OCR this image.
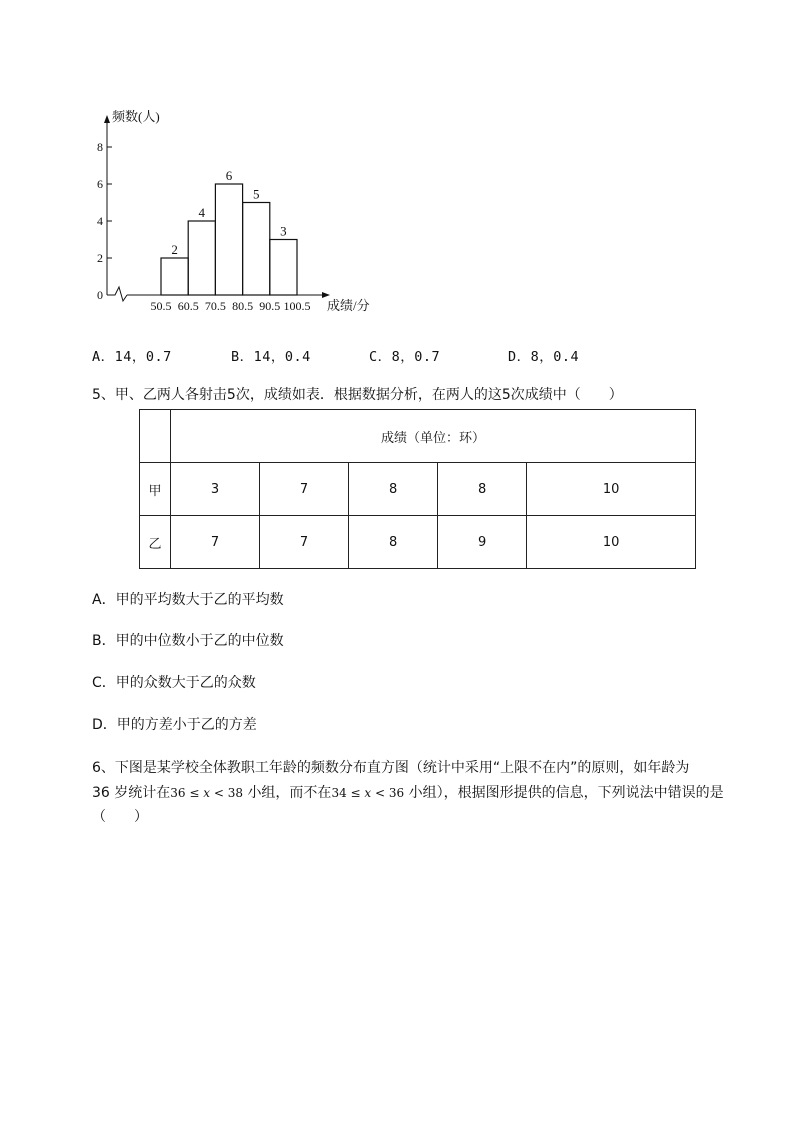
0
2
4
6
8
频数(人)
2
4
6
5
3
50.5 60.5 70.5 80.5 90.5 100.5 成绩/分
A．14，0.7	B．14，0.4	C．8，0.7	D．8，0.4
5、甲、乙两人各射击5次，成绩如表．根据数据分析，在两人的这5次成绩中（　　）
	成绩（单位：环）				
甲	3	7	8	8	10
乙	7	7	8	9	10
A．甲的平均数大于乙的平均数
B．甲的中位数小于乙的中位数
C．甲的众数大于乙的众数
D．甲的方差小于乙的方差
6、下图是某学校全体教职工年龄的频数分布直方图（统计中采用“上限不在内”的原则，如年龄为
36 岁统计在36 ≤ x < 38 小组，而不在34 ≤ x < 36 小组），根据图形提供的信息，下列说法中错误的是
（　　）
